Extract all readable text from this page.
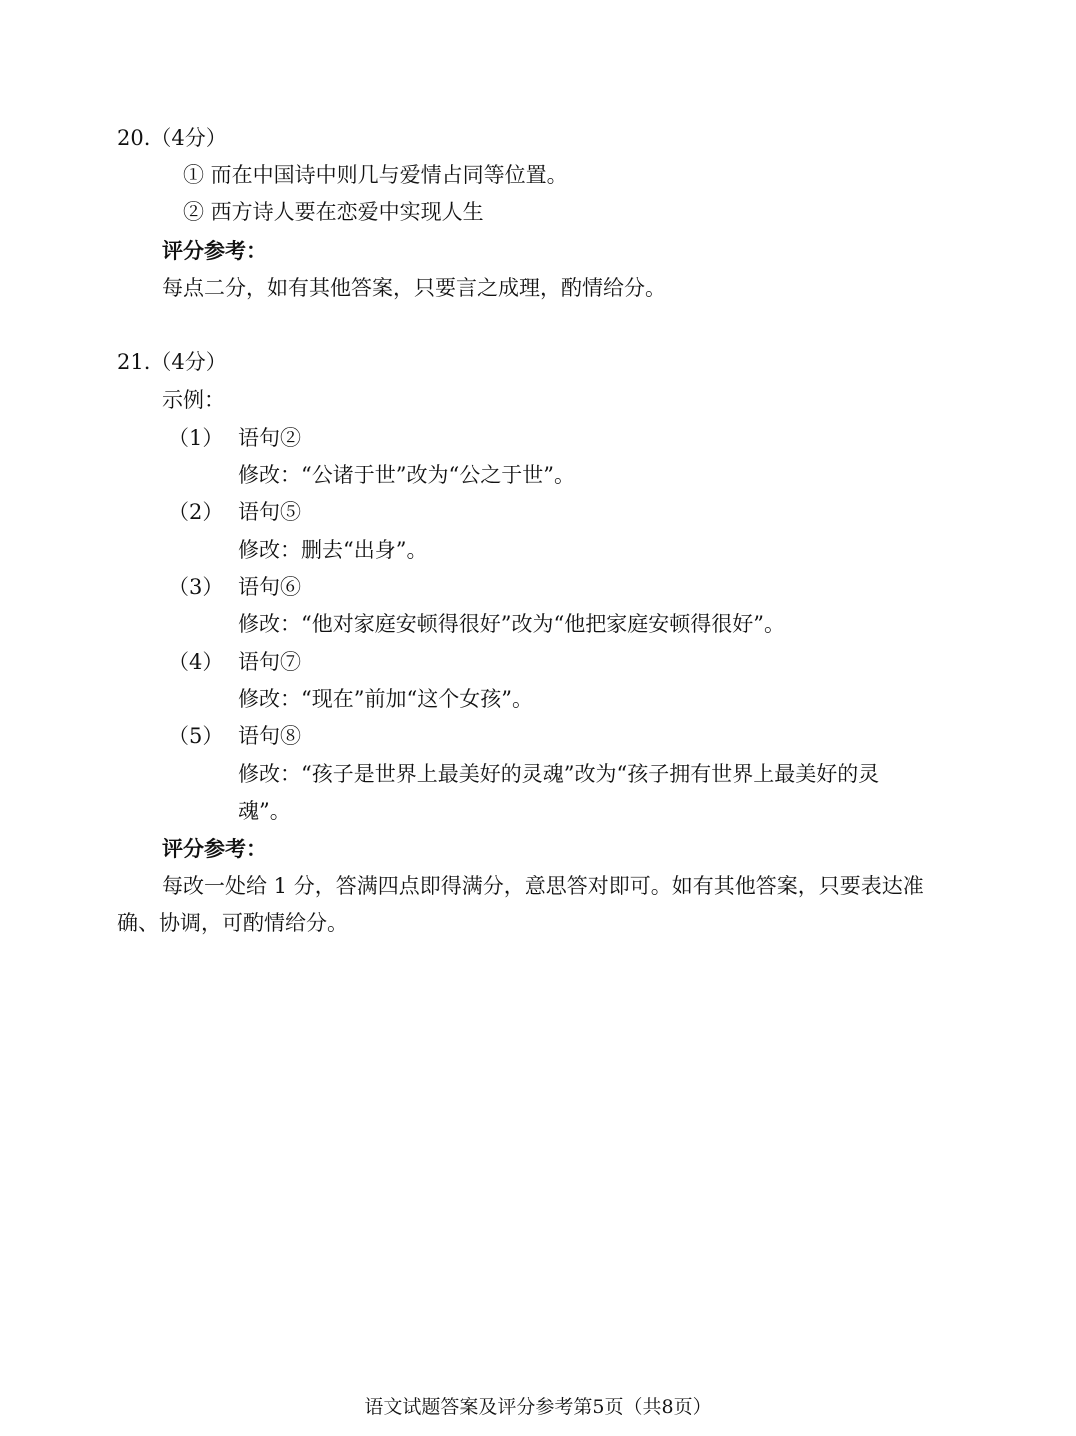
20.（4分）
① 而在中国诗中则几与爱情占同等位置。
② 西方诗人要在恋爱中实现人生
评分参考：
每点二分，如有其他答案，只要言之成理，酌情给分。
21.（4分）
示例：
（1） 语句②
修改：“公诸于世”改为“公之于世”。
（2） 语句⑤
修改：删去“出身”。
（3） 语句⑥
修改：“他对家庭安顿得很好”改为“他把家庭安顿得很好”。
（4） 语句⑦
修改：“现在”前加“这个女孩”。
（5） 语句⑧
修改：“孩子是世界上最美好的灵魂”改为“孩子拥有世界上最美好的灵
魂”。
评分参考：
每改一处给 1 分，答满四点即得满分，意思答对即可。如有其他答案，只要表达准
确、协调，可酌情给分。
语文试题答案及评分参考第5页（共8页）
